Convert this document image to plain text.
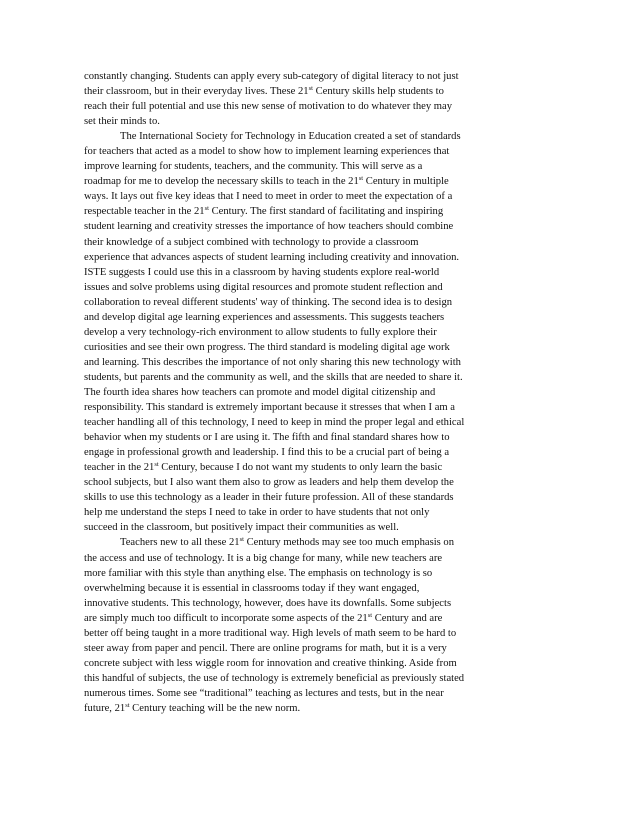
constantly changing. Students can apply every sub-category of digital literacy to not just
their classroom, but in their everyday lives. These 21st Century skills help students to
reach their full potential and use this new sense of motivation to do whatever they may
set their minds to.
The International Society for Technology in Education created a set of standards
for teachers that acted as a model to show how to implement learning experiences that
improve learning for students, teachers, and the community. This will serve as a
roadmap for me to develop the necessary skills to teach in the 21st Century in multiple
ways. It lays out five key ideas that I need to meet in order to meet the expectation of a
respectable teacher in the 21st Century. The first standard of facilitating and inspiring
student learning and creativity stresses the importance of how teachers should combine
their knowledge of a subject combined with technology to provide a classroom
experience that advances aspects of student learning including creativity and innovation.
ISTE suggests I could use this in a classroom by having students explore real-world
issues and solve problems using digital resources and promote student reflection and
collaboration to reveal different students' way of thinking. The second idea is to design
and develop digital age learning experiences and assessments. This suggests teachers
develop a very technology-rich environment to allow students to fully explore their
curiosities and see their own progress. The third standard is modeling digital age work
and learning. This describes the importance of not only sharing this new technology with
students, but parents and the community as well, and the skills that are needed to share it.
The fourth idea shares how teachers can promote and model digital citizenship and
responsibility. This standard is extremely important because it stresses that when I am a
teacher handling all of this technology, I need to keep in mind the proper legal and ethical
behavior when my students or I are using it. The fifth and final standard shares how to
engage in professional growth and leadership. I find this to be a crucial part of being a
teacher in the 21st Century, because I do not want my students to only learn the basic
school subjects, but I also want them also to grow as leaders and help them develop the
skills to use this technology as a leader in their future profession. All of these standards
help me understand the steps I need to take in order to have students that not only
succeed in the classroom, but positively impact their communities as well.
Teachers new to all these 21st Century methods may see too much emphasis on
the access and use of technology. It is a big change for many, while new teachers are
more familiar with this style than anything else. The emphasis on technology is so
overwhelming because it is essential in classrooms today if they want engaged,
innovative students. This technology, however, does have its downfalls. Some subjects
are simply much too difficult to incorporate some aspects of the 21st Century and are
better off being taught in a more traditional way. High levels of math seem to be hard to
steer away from paper and pencil. There are online programs for math, but it is a very
concrete subject with less wiggle room for innovation and creative thinking. Aside from
this handful of subjects, the use of technology is extremely beneficial as previously stated
numerous times. Some see “traditional” teaching as lectures and tests, but in the near
future, 21st Century teaching will be the new norm.
